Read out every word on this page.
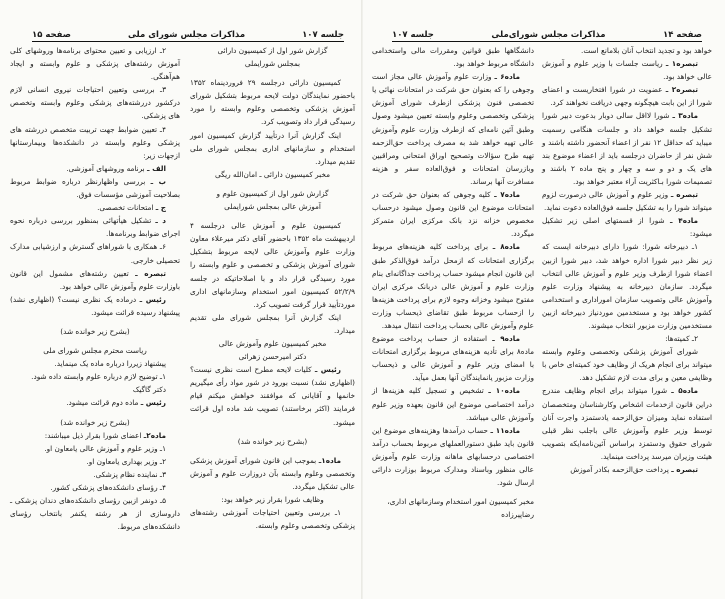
جلسه ۱۰۷
مذاکرات مجلس شورای ملی
صفحه ۱۵

گزارش شور اول از کمیسیون دارائی

بمجلس شورایملی

کمیسیون دارائی درجلسه ۲۹ فروردینماه ۱۳۵۲ باحضور نمایندگان دولت لایحه مربوط بتشکیل شورای آموزش پزشکی وتخصصی وعلوم وابسته را مورد رسیدگی قرار داد وتصویب کرد.

اینک گزارش آنرا درتأیید گزارش کمیسیون امور استخدام و سازمانهای اداری بمجلس شورای ملی تقدیم میدارد.

مخبر کمیسیون دارائی ـ امان‌الله ریگی

گزارش شور اول از کمیسیون علوم و

آموزش عالی بمجلس شورایملی

کمیسیون علوم و آموزش عالی درجلسه ۴ اردیبهشت ماه ۱۳۵۲ باحضور آقای دکتر میرعلاء معاون وزارت علوم وآموزش عالی لایحه مربوط بتشکیل شورای آموزش پزشکی و تخصصی و علوم وابسته را مورد رسیدگی قرار داد و با اصلاحاتیکه در جلسه ۵۲/۲/۹ کمیسیون امور استخدام وسازمانهای اداری موردتأیید قرار گرفت تصویب کرد.

اینک گزارش آنرا بمجلس شورای ملی تقدیم میدارد.

مخبر کمیسیون علوم وآموزش عالی

دکتر امیرحسن زهرائی

رئیس ـ کلیات لایحه مطرح است نظری نیست؟ (اظهاری نشد) نسبت بورود در شور مواد رأی میگیریم خانمها و آقایانی که موافقند خواهش میکنم قیام فرمایند (اکثر برخاستند) تصویب شد ماده اول قرائت میشود.

(بشرح زیر خوانده شد)

ماده۱ـ بموجب این قانون شورای آموزش پزشکی وتخصصی وعلوم وابسته بآن دروزارت علوم و آموزش عالی تشکیل میگردد.

وظایف شورا بقرار زیر خواهد بود:

۱ـ بررسی وتعیین احتیاجات آموزشی رشته‌های پزشکی وتخصصی وعلوم وابسته.

۲ـ ارزیابی و تعیین محتوای برنامه‌ها وروشهای کلی آموزش رشته‌های پزشکی و علوم وابسته و ایجاد هم‌آهنگی.

۳ـ بررسی وتعیین احتیاجات نیروی انسانی لازم درکشور دررشته‌های پزشکی وعلوم وابسته وتخصص های پزشکی.

۴ـ تعیین ضوابط جهت تربیت متخصص دررشته های پزشکی وعلوم وابسته در دانشکده‌ها وبیمارستانها ازجهات زیر:

الف ـ برنامه وروشهای آموزشی.

ب ـ بررسی واظهارنظر درباره ضوابط مربوط بصلاحیت آموزشی مؤسسات فوق.

ج ـ امتحانات تخصصی.

د ـ تشکیل هیأتهائی بمنظور بررسی درباره نحوه اجرای ضوابط وبرنامه‌ها.

۶ـ همکاری با شوراهای گسترش و ارزشیابی مدارک تحصیلی خارجی.

تبصره ـ تعیین رشته‌های مشمول این قانون باوزارت علوم وآموزش عالی خواهد بود.

رئیس ـ درماده یک نظری نیست؟ (اظهاری نشد) پیشنهاد رسیده قرائت میشود.

(بشرح زیر خوانده شد)

ریاست محترم مجلس شورای ملی

پیشنهاد زیررا درباره ماده یک مینماید.

۱ـ توضیح لازم درباره علوم وابسته داده شود.

دکتر گاگیک

رئیس ـ ماده دوم قرائت میشود.

(بشرح زیر خوانده شد)

ماده۲ـ اعضای شورا بقرار ذیل میباشند:

۱ـ وزیر علوم و آموزش عالی یامعاون او.

۲ـ وزیر بهداری یامعاون او.

۳ـ نماینده نظام پزشکی.

۴ـ رؤسای دانشکده‌های پزشکی کشور.

۵ـ دونفر ازبین رؤسای دانشکده‌های دندان پزشکی ـ داروسازی از هر رشته یکنفر بانتخاب رؤسای دانشکده‌های مربوط.

صفحه ۱۴
مذاکرات مجلس شورای‌ملی
جلسه ۱۰۷

خواهد بود و تجدید انتخاب آنان بلامانع است.

تبصره۱ ـ ریاست جلسات با وزیر علوم و آموزش عالی خواهد بود.

تبصره۲ ـ عضویت در شورا افتخاریست و اعضای شورا از این بابت هیچگونه وجهی دریافت نخواهند کرد.

ماده۳ ـ شورا لااقل سالی دوبار بدعوت دبیر شورا تشکیل جلسه خواهد داد و جلسات هنگامی رسمیت میباید که حداقل ۱۲ نفر از اعضاء آنحضور داشته باشند و شش نفر از حاضران درجلسه باید از اعضاء موضوع بند های یک و دو و سه و چهار و پنج ماده ۲ باشند و تصمیمات شورا بـاکثریت آراء معتبر خواهد بود.

تبصره ـ وزیر علوم و آموزش عالی درصورت لزوم میتواند شورا را به تشکیل جلسه فوق‌العاده دعوت نماید.

ماده۴ ـ شورا از قسمتهای اصلی زیر تشکیل میشود:

۱ـ دبیرخانه شورا: شورا دارای دبیرخانه ایست که زیر نظر دبیر شورا اداره خواهد شد، دبیر شورا ازبین اعضاء شورا ازطرف وزیر علوم و آموزش عالی انتخاب میگردد. سازمان دبیرخانه به پیشنهاد وزارت علوم وآموزش عالی وتصویب سازمان اموراداری و استخدامی کشور خواهد بود و مستخدمین موردنیاز دبیرخانه ازبین مستخدمین وزارت مزبور انتخاب میشوند.

۲ـ کمیته‌ها:

شورای آموزش پزشکی وتخصصی وعلوم وابسته میتواند برای انجام هریک از وظایف خود کمیته‌ای خاص با وظایفی معین و برای مدت لازم تشکیل دهد.

ماده۵ ـ شورا میتواند برای انجام وظایف مندرج دراین قانون ازخدمات اشخاص وکارشناسان ومتخصصان استفاده نماید ومیزان حق‌الزحمه یادستمزد واجرت آنان توسط وزیر علوم وآموزش عالی باجلب نظر قبلی شورای حقوق ودستمزد براساس آئین‌نامه‌ایکه بتصویب هیئت وزیران میرسد پرداخت مینماید.

تبصره ـ پرداخت حق‌الزحمه بکادر آموزش

دانشگاهها طبق قوانین ومقررات مالی واستخدامی دانشگاه مربوط خواهد بود.

ماده۶ ـ وزارت علوم وآموزش عالی مجاز است وجوهی را که بعنوان حق شرکت در امتحانات نهائی یا تخصصی فنون پزشکی ازطرف شورای آموزش پزشکی وتخصصی وعلوم وابسته تعیین میشود وصول وطبق آئین نامه‌ای که ازطرف وزارت علوم وآموزش عالی تهیه خواهد شد به مصرف پرداخت حق‌الزحمه تهیه طرح سؤالات وتصحیح اوراق امتحانی ومراقبین وبازرسان امتحانات و فوق‌العاده سفر و هزینه مسافرت آنها برساند.

ماده۷ ـ کلیه وجوهی که بعنوان حق شرکت در امتحانات موضوع این قانون وصول میشود درحساب مخصوص خزانه نزد بانک مرکزی ایران متمرکز میگردد.

ماده۸ ـ برای پرداخت کلیه هزینه‌های مربوط برگزاری امتحانات که ازمحل درآمد فوق‌الذکر طبق این قانون انجام میشود حساب پرداخت جداگانه‌ای بنام وزارت علوم و آموزش عالی دربانک مرکزی ایران مفتوح میشود وخزانه وجوه لازم برای پرداخت هزینه‌ها را ازحساب مربوط طبق تقاضای ذیحساب وزارت علوم وآموزش عالی بحساب پرداخت انتقال میدهد.

ماده۹ ـ استفاده از حساب پرداخت موضوع ماده۸ برای تأدیه هزینه‌های مربوط برگزاری امتحانات با امضای وزیر علوم و آموزش عالی و ذیحساب وزارت مزبور یانمایندگان آنها بعمل میآید.

ماده۱۰ ـ تشخیص و تسجیل کلیه هزینه‌ها از درآمد اختصاصی موضوع این قانون بعهده وزیر علوم وآموزش عالی میباشد.

ماده۱۱ ـ حساب درآمدها وهزینه‌های موضوع این قانون باید طبق دستورالعملهای مربوط بحساب درآمد اختصاصی درحسابهای ماهانه وزارت علوم وآموزش عالی منظور وباسناد ومدارک مربوط بوزارت دارائی ارسال شود.

مخبر کمیسیون امور استخدام وسازمانهای اداری،

رضاپیرزاده
